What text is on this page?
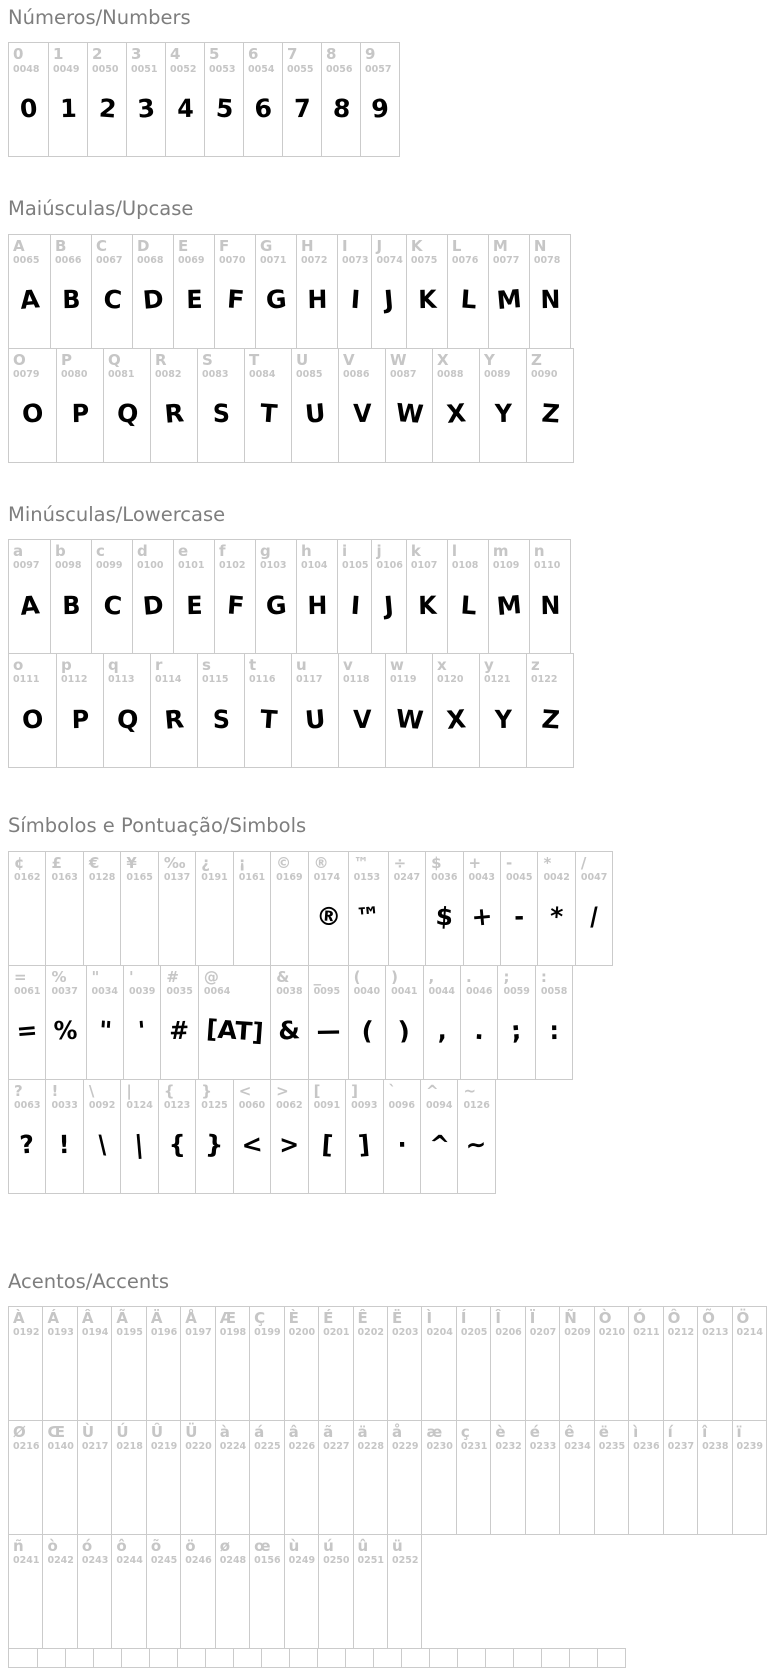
Números/Numbers
0
0048
0
1
0049
1
2
0050
2
3
0051
3
4
0052
4
5
0053
5
6
0054
6
7
0055
7
8
0056
8
9
0057
9
Maiúsculas/Upcase
A
0065
A
B
0066
B
C
0067
C
D
0068
D
E
0069
E
F
0070
F
G
0071
G
H
0072
H
I
0073
I
J
0074
J
K
0075
K
L
0076
L
M
0077
M
N
0078
N
O
0079
O
P
0080
P
Q
0081
Q
R
0082
R
S
0083
S
T
0084
T
U
0085
U
V
0086
V
W
0087
W
X
0088
X
Y
0089
Y
Z
0090
Z
Minúsculas/Lowercase
a
0097
A
b
0098
B
c
0099
C
d
0100
D
e
0101
E
f
0102
F
g
0103
G
h
0104
H
i
0105
I
j
0106
J
k
0107
K
l
0108
L
m
0109
M
n
0110
N
o
0111
O
p
0112
P
q
0113
Q
r
0114
R
s
0115
S
t
0116
T
u
0117
U
v
0118
V
w
0119
W
x
0120
X
y
0121
Y
z
0122
Z
Símbolos e Pontuação/Simbols
¢
0162
£
0163
€
0128
¥
0165
‰
0137
¿
0191
¡
0161
©
0169
®
0174
®
™
0153
™
÷
0247
$
0036
$
+
0043
+
-
0045
-
*
0042
*
/
0047
/
=
0061
=
%
0037
%
"
0034
"
'
0039
'
#
0035
#
@
0064
[AT]
&
0038
&
_
0095
—
(
0040
(
)
0041
)
,
0044
,
.
0046
.
;
0059
;
:
0058
:
?
0063
?
!
0033
!
\
0092
\
|
0124
|
{
0123
{
}
0125
}
<
0060
<
>
0062
>
[
0091
[
]
0093
]
`
0096
·
^
0094
^
~
0126
~
Acentos/Accents
À
0192
Á
0193
Â
0194
Ã
0195
Ä
0196
Å
0197
Æ
0198
Ç
0199
È
0200
É
0201
Ê
0202
Ë
0203
Ì
0204
Í
0205
Î
0206
Ï
0207
Ñ
0209
Ò
0210
Ó
0211
Ô
0212
Õ
0213
Ö
0214
Ø
0216
Œ
0140
Ù
0217
Ú
0218
Û
0219
Ü
0220
à
0224
á
0225
â
0226
ã
0227
ä
0228
å
0229
æ
0230
ç
0231
è
0232
é
0233
ê
0234
ë
0235
ì
0236
í
0237
î
0238
ï
0239
ñ
0241
ò
0242
ó
0243
ô
0244
õ
0245
ö
0246
ø
0248
œ
0156
ù
0249
ú
0250
û
0251
ü
0252
